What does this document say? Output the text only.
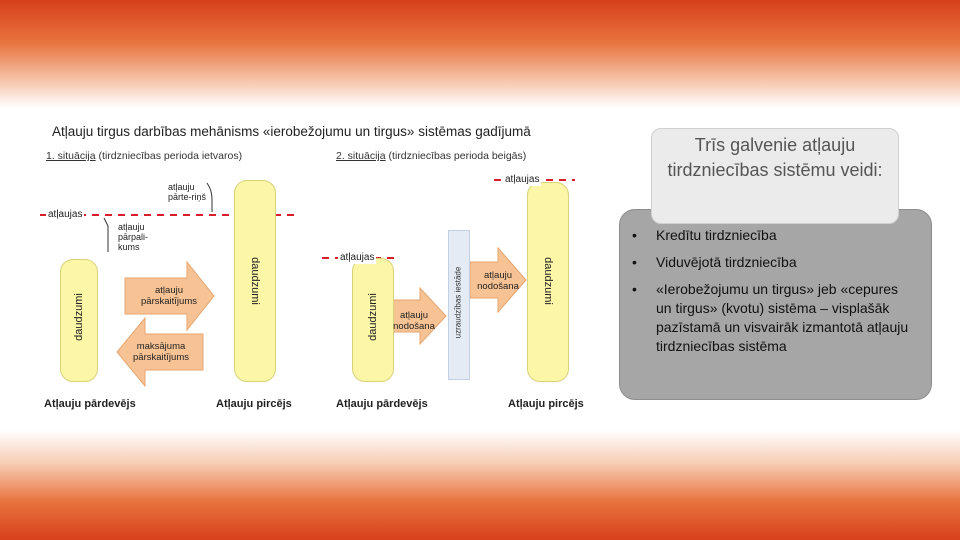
Atļauju tirgus darbības mehānisms «ierobežojumu un tirgus» sistēmas gadījumā
1. situācija (tirdzniecības perioda ietvaros)	2. situācija (tirdzniecības perioda beigās)
daudzumi
daudzumi
daudzumi
daudzumi
atļauju pārskaitījums
maksājuma pārskaitījums
atļauju nodošana
atļauju nodošana
atļaujas
atļaujas
atļaujas
atļauju pārte-riņš
atļauju pārpali-kums
uzraudzības iestāde
Atļauju pārdevējs	Atļauju pircējs	Atļauju pārdevējs	Atļauju pircējs
• Kredītu tirdzniecība
• Viduvējotā tirdzniecība
• «Ierobežojumu un tirgus» jeb «cepures un tirgus» (kvotu) sistēma – visplašāk pazīstamā un visvairāk izmantotā atļauju tirdzniecības sistēma
Trīs galvenie atļauju tirdzniecības sistēmu veidi:
